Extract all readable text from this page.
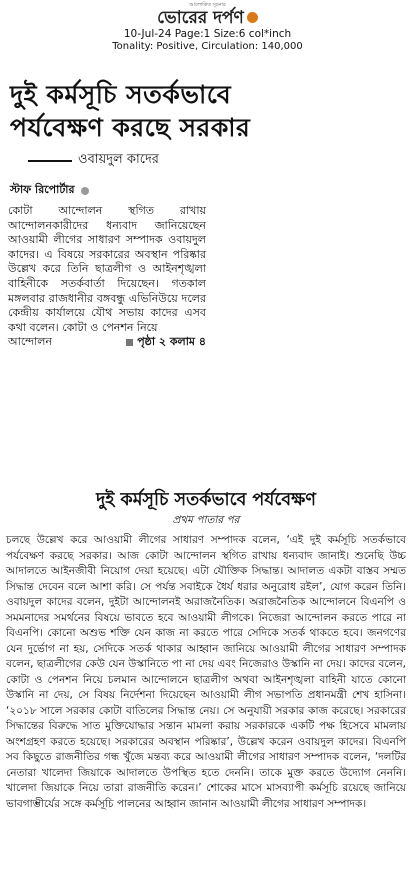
আলোকিত সূচনার
ভোরের দর্পণ
10-Jul-24 Page:1 Size:6 col*inch
Tonality: Positive, Circulation: 140,000
দুই কর্মসূচি সতর্কভাবে পর্যবেক্ষণ করছে সরকার
ওবায়দুল কাদের
স্টাফ রিপোর্টার
কোটা আন্দোলন স্থগিত রাখায় আন্দোলনকারীদের ধন্যবাদ জানিয়েছেন আওয়ামী লীগের সাধারণ সম্পাদক ওবায়দুল কাদের। এ বিষয়ে সরকারের অবস্থান পরিষ্কার উল্লেখ করে তিনি ছাত্রলীগ ও আইনশৃঙ্খলা বাহিনীকে সতর্কবার্তা দিয়েছেন। গতকাল মঙ্গলবার রাজধানীর বঙ্গবন্ধু এভিনিউয়ে দলের কেন্দ্রীয় কার্যালয়ে যৌথ সভায় কাদের এসব কথা বলেন। কোটা ও পেনশন নিয়ে
আন্দোলন	পৃষ্ঠা ২ কলাম ৪
দুই কর্মসূচি সতর্কভাবে পর্যবেক্ষণ
প্রথম পাতার পর
চলছে উল্লেখ করে আওয়ামী লীগের সাধারণ সম্পাদক বলেন, ‘এই দুই কর্মসূচি সতর্কভাবে পর্যবেক্ষণ করছে সরকার। আজ কোটা আন্দোলন স্থগিত রাখায় ধন্যবাদ জানাই। শুনেছি উচ্চ আদালতে আইনজীবী নিয়োগ দেয়া হয়েছে। এটা যৌক্তিক সিদ্ধান্ত। আদালত একটা বাস্তব সম্মত সিদ্ধান্ত দেবেন বলে আশা করি। সে পর্যন্ত সবাইকে ধৈর্য ধরার অনুরোধ রইল’, যোগ করেন তিনি। ওবায়দুল কাদের বলেন, দুইটা আন্দোলনই অরাজনৈতিক। অরাজনৈতিক আন্দোলনে বিএনপি ও সমমনাদের সমর্থনের বিষয়ে ভাবতে হবে আওয়ামী লীগকে। নিজেরা আন্দোলন করতে পারে না বিএনপি। কোনো অশুভ শক্তি যেন কাজ না করতে পারে সেদিকে সতর্ক থাকতে হবে। জনগণের যেন দুর্ভোগ না হয়, সেদিকে সতর্ক থাকার আহ্বান জানিয়ে আওয়ামী লীগের সাধারণ সম্পাদক বলেন, ছাত্রলীগের কেউ যেন উস্কানিতে পা না দেয় এবং নিজেরাও উস্কানি না দেয়। কাদের বলেন, কোটা ও পেনশন নিয়ে চলমান আন্দোলনে ছাত্রলীগ অথবা আইনশৃঙ্খলা বাহিনী যাতে কোনো উস্কানি না দেয়, সে বিষয় নির্দেশনা দিয়েছেন আওয়ামী লীগ সভাপতি প্রধানমন্ত্রী শেখ হাসিনা। ‘২০১৮ সালে সরকার কোটা বাতিলের সিদ্ধান্ত নেয়। সে অনুযায়ী সরকার কাজ করেছে। সরকারের সিদ্ধান্তের বিরুদ্ধে সাত মুক্তিযোদ্ধার সন্তান মামলা করায় সরকারকে একটি পক্ষ হিসেবে মামলায় অংশগ্রহণ করতে হয়েছে। সরকারের অবস্থান পরিষ্কার’, উল্লেখ করেন ওবায়দুল কাদের। বিএনপি সব কিছুতে রাজনীতির গন্ধ খুঁজে মন্তব্য করে আওয়ামী লীগের সাধারণ সম্পাদক বলেন, ‘দলটির নেতারা খালেদা জিয়াকে আদালতে উপস্থিত হতে দেননি। তাকে মুক্ত করতে উদ্যোগ নেননি। খালেদা জিয়াকে নিয়ে তারা রাজনীতি করেন।’ শোকের মাসে মাসব্যাপী কর্মসূচি রয়েছে জানিয়ে ভাবগাম্ভীর্যের সঙ্গে কর্মসূচি পালনের আহ্বান জানান আওয়ামী লীগের সাধারণ সম্পাদক।
